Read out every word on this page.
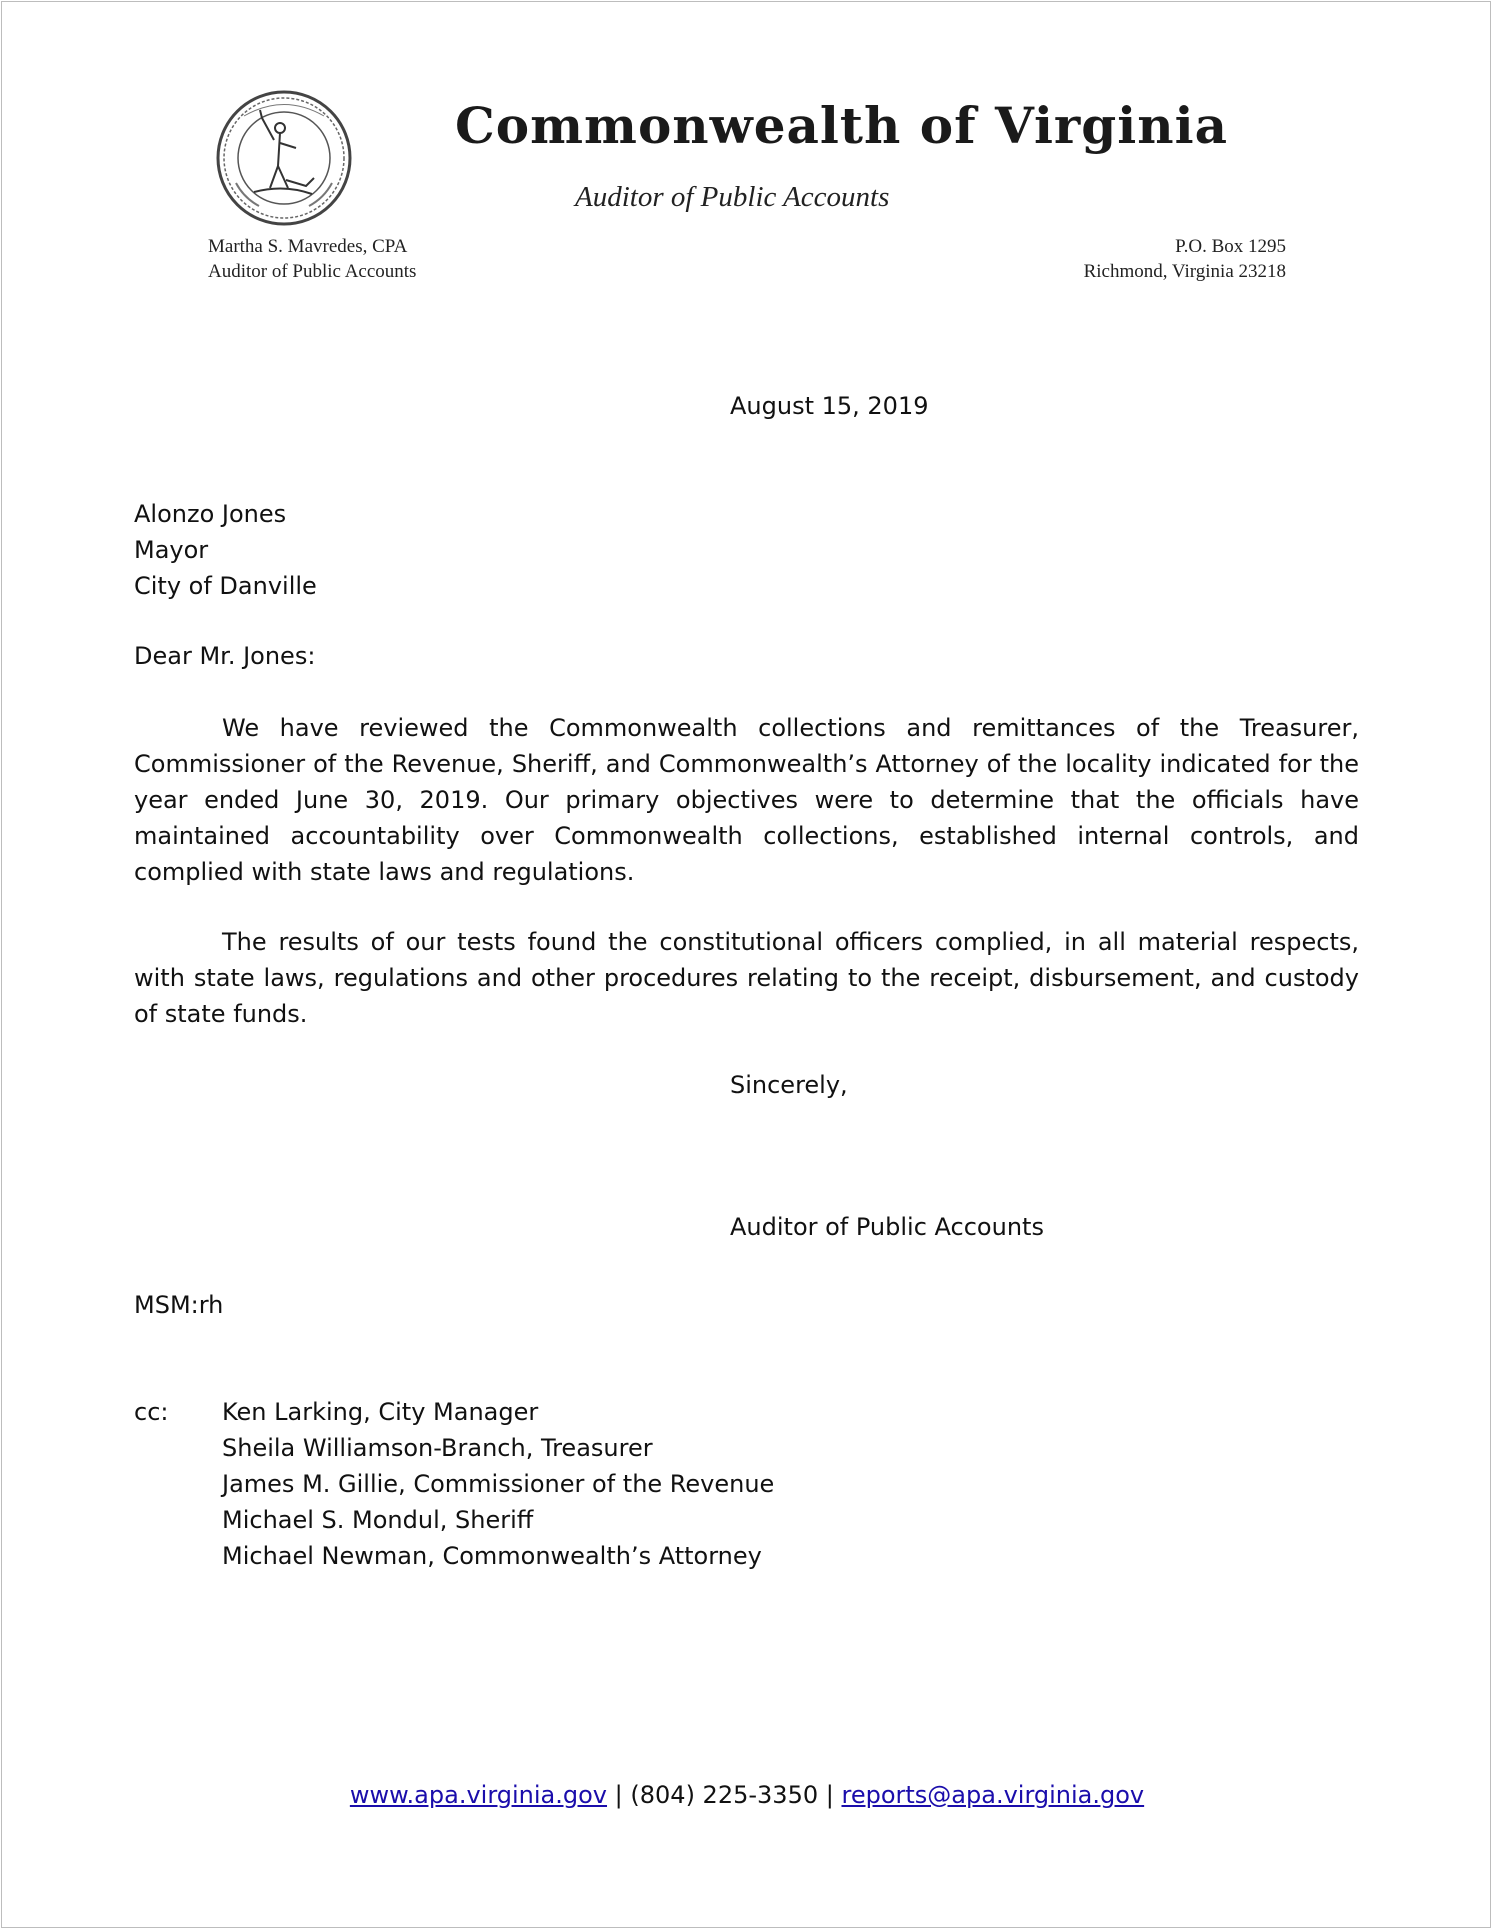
Commonwealth of Virginia
Auditor of Public Accounts
Martha S. Mavredes, CPA
Auditor of Public Accounts
P.O. Box 1295
Richmond, Virginia 23218
August 15, 2019
Alonzo Jones
Mayor
City of Danville
Dear Mr. Jones:

We have reviewed the Commonwealth collections and remittances of the Treasurer, Commissioner of the Revenue, Sheriff, and Commonwealth’s Attorney of the locality indicated for the year ended June 30, 2019. Our primary objectives were to determine that the officials have maintained accountability over Commonwealth collections, established internal controls, and complied with state laws and regulations.

The results of our tests found the constitutional officers complied, in all material respects, with state laws, regulations and other procedures relating to the receipt, disbursement, and custody of state funds.

Sincerely,
Auditor of Public Accounts
MSM:rh
cc: Ken Larking, City Manager
Sheila Williamson-Branch, Treasurer
James M. Gillie, Commissioner of the Revenue
Michael S. Mondul, Sheriff
Michael Newman, Commonwealth’s Attorney
www.apa.virginia.gov | (804) 225-3350 | reports@apa.virginia.gov
